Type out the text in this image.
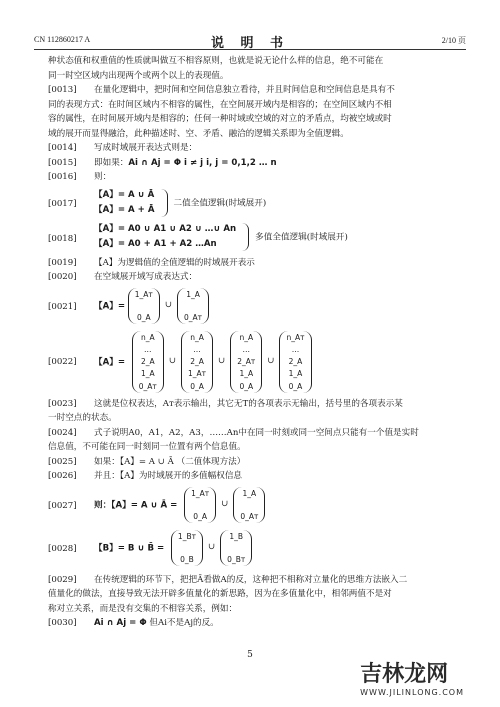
CN 112860217 A	说 明 书	2/10 页

种状态值和权重值的性质就叫做互不相容原则，也就是说无论什么样的信息，绝不可能在

同一时空区域内出现两个或两个以上的表现值。

[0013]	在量化逻辑中，把时间和空间信息独立看待，并且时间信息和空间信息是具有不
同的表现方式：在时间区域内不相容的属性，在空间展开域内是相容的；在空间区域内不相
容的属性，在时间展开域内是相容的；任何一种时域或空域的对立的矛盾点，均被空域或时
域的展开而显得融洽，此种描述时、空、矛盾、融洽的逻辑关系即为全值逻辑。
[0014]	写成时域展开表达式则是：
[0015]	即如果：Ai ∩ Aj = Φ i ≠ j i, j = 0,1,2 … n
[0016]	则：
[0017]
【A】= A ∪ Ā
【A】= A + Ā
二值全值逻辑(时域展开)
[0018]
【A】= A0 ∪ A1 ∪ A2 ∪ …∪ An
【A】= A0 + A1 + A2 …An
多值全值逻辑(时域展开)
[0019]	【A】为逻辑值的全值逻辑的时域展开表示
[0020]	在空域展开域写成表达式：
[0021]	【A】=
1_Aт
0_A
∪
1_A
0_Aт
[0022]	【A】=
n_A
…
2_A
1_A
0_Aт
∪
n_A
…
2_A
1_Aт
0_A
∪
n_A
…
2_Aт
1_A
0_A
∪
n_Aт
…
2_A
1_A
0_A
[0023]	这就是位权表达，Aт表示输出，其它无T的各项表示无输出，括号里的各项表示某
一时空点的状态。
[0024]	式子说明A0，A1，A2，A3，……An中在同一时刻或同一空间点只能有一个值是实时
信息值，不可能在同一时刻同一位置有两个信息值。
[0025]	如果：【A】= A ∪ Ā （二值体现方法）
[0026]	并且：【A】为时域展开的多值幅权信息
[0027]	则：【A】= A ∪ Ā =
1_Aт
0_A
∪
1_A
0_Aт
[0028]	【B】= B ∪ B̄ =
1_Bт
0_B
∪
1_B
0_Bт
[0029]	在传统逻辑的环节下，把把Ā看做A的反，这种把不相称对立量化的思维方法嵌入二
值量化的做法，直接导致无法开辟多值量化的新思路，因为在多值量化中，相邻两值不是对
称对立关系，而是没有交集的不相容关系，例如：
[0030]	Ai ∩ Aj = Φ 但Ai不是Aj的反。
5
吉林龙网
WWW.JILINLONG.COM
